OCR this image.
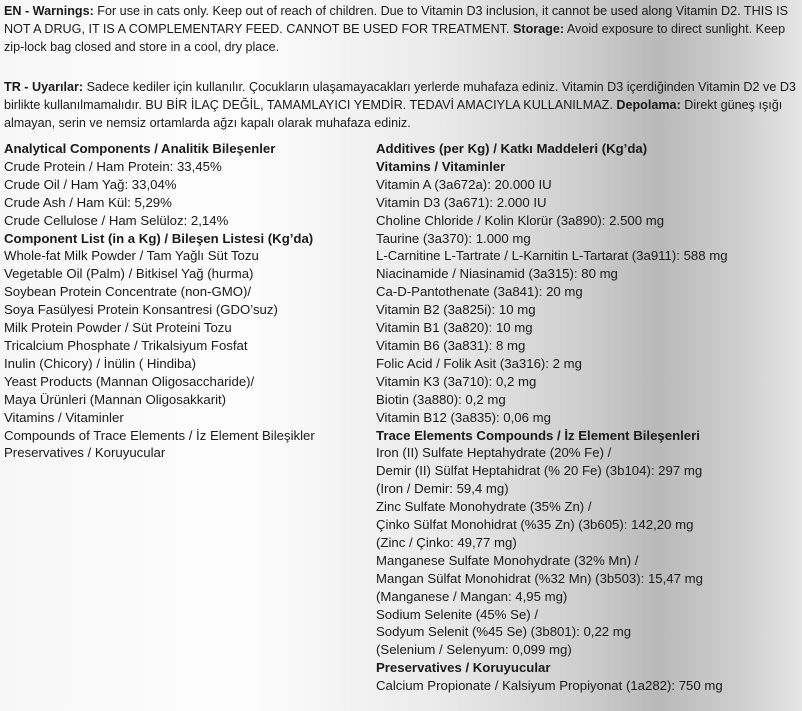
EN - Warnings: For use in cats only. Keep out of reach of children. Due to Vitamin D3 inclusion, it cannot be used along Vitamin D2. THIS IS NOT A DRUG, IT IS A COMPLEMENTARY FEED. CANNOT BE USED FOR TREATMENT. Storage: Avoid exposure to direct sunlight. Keep zip-lock bag closed and store in a cool, dry place.
TR - Uyarılar: Sadece kediler için kullanılır. Çocukların ulaşamayacakları yerlerde muhafaza ediniz. Vitamin D3 içerdiğinden Vitamin D2 ve D3 birlikte kullanılmamalıdır. BU BİR İLAÇ DEĞİL, TAMAMLAYICI YEMDİR. TEDAVİ AMACIYLA KULLANILMAZ. Depolama: Direkt güneş ışığı almayan, serin ve nemsiz ortamlarda ağzı kapalı olarak muhafaza ediniz.
Analytical Components / Analitik Bileşenler
Crude Protein / Ham Protein: 33,45%
Crude Oil / Ham Yağ: 33,04%
Crude Ash / Ham Kül: 5,29%
Crude Cellulose / Ham Selüloz: 2,14%
Component List (in a Kg) / Bileşen Listesi (Kg’da)
Whole-fat Milk Powder / Tam Yağlı Süt Tozu
Vegetable Oil (Palm) / Bitkisel Yağ (hurma)
Soybean Protein Concentrate (non-GMO)/
Soya Fasülyesi Protein Konsantresi (GDO’suz)
Milk Protein Powder / Süt Proteini Tozu
Tricalcium Phosphate / Trikalsiyum Fosfat
Inulin (Chicory) / İnülin ( Hindiba)
Yeast Products (Mannan Oligosaccharide)/
Maya Ürünleri (Mannan Oligosakkarit)
Vitamins / Vitaminler
Compounds of Trace Elements / İz Element Bileşikler
Preservatives / Koruyucular
Additives (per Kg) / Katkı Maddeleri (Kg’da)
Vitamins / Vitaminler
Vitamin A (3a672a): 20.000 IU
Vitamin D3 (3a671): 2.000 IU
Choline Chloride / Kolin Klorür (3a890): 2.500 mg
Taurine (3a370): 1.000 mg
L-Carnitine L-Tartrate / L-Karnitin L-Tartarat (3a911): 588 mg
Niacinamide / Niasinamid (3a315): 80 mg
Ca-D-Pantothenate (3a841): 20 mg
Vitamin B2 (3a825i): 10 mg
Vitamin B1 (3a820): 10 mg
Vitamin B6 (3a831): 8 mg
Folic Acid / Folik Asit (3a316): 2 mg
Vitamin K3 (3a710): 0,2 mg
Biotin (3a880): 0,2 mg
Vitamin B12 (3a835): 0,06 mg
Trace Elements Compounds / İz Element Bileşenleri
Iron (II) Sulfate Heptahydrate (20% Fe) /
Demir (II) Sülfat Heptahidrat (% 20 Fe) (3b104): 297 mg
(Iron / Demir: 59,4 mg)
Zinc Sulfate Monohydrate (35% Zn) /
Çinko Sülfat Monohidrat (%35 Zn) (3b605): 142,20 mg
(Zinc / Çinko: 49,77 mg)
Manganese Sulfate Monohydrate (32% Mn) /
Mangan Sülfat Monohidrat (%32 Mn) (3b503): 15,47 mg
(Manganese / Mangan: 4,95 mg)
Sodium Selenite (45% Se) /
Sodyum Selenit (%45 Se) (3b801): 0,22 mg
(Selenium / Selenyum: 0,099 mg)
Preservatives / Koruyucular
Calcium Propionate / Kalsiyum Propiyonat (1a282): 750 mg
